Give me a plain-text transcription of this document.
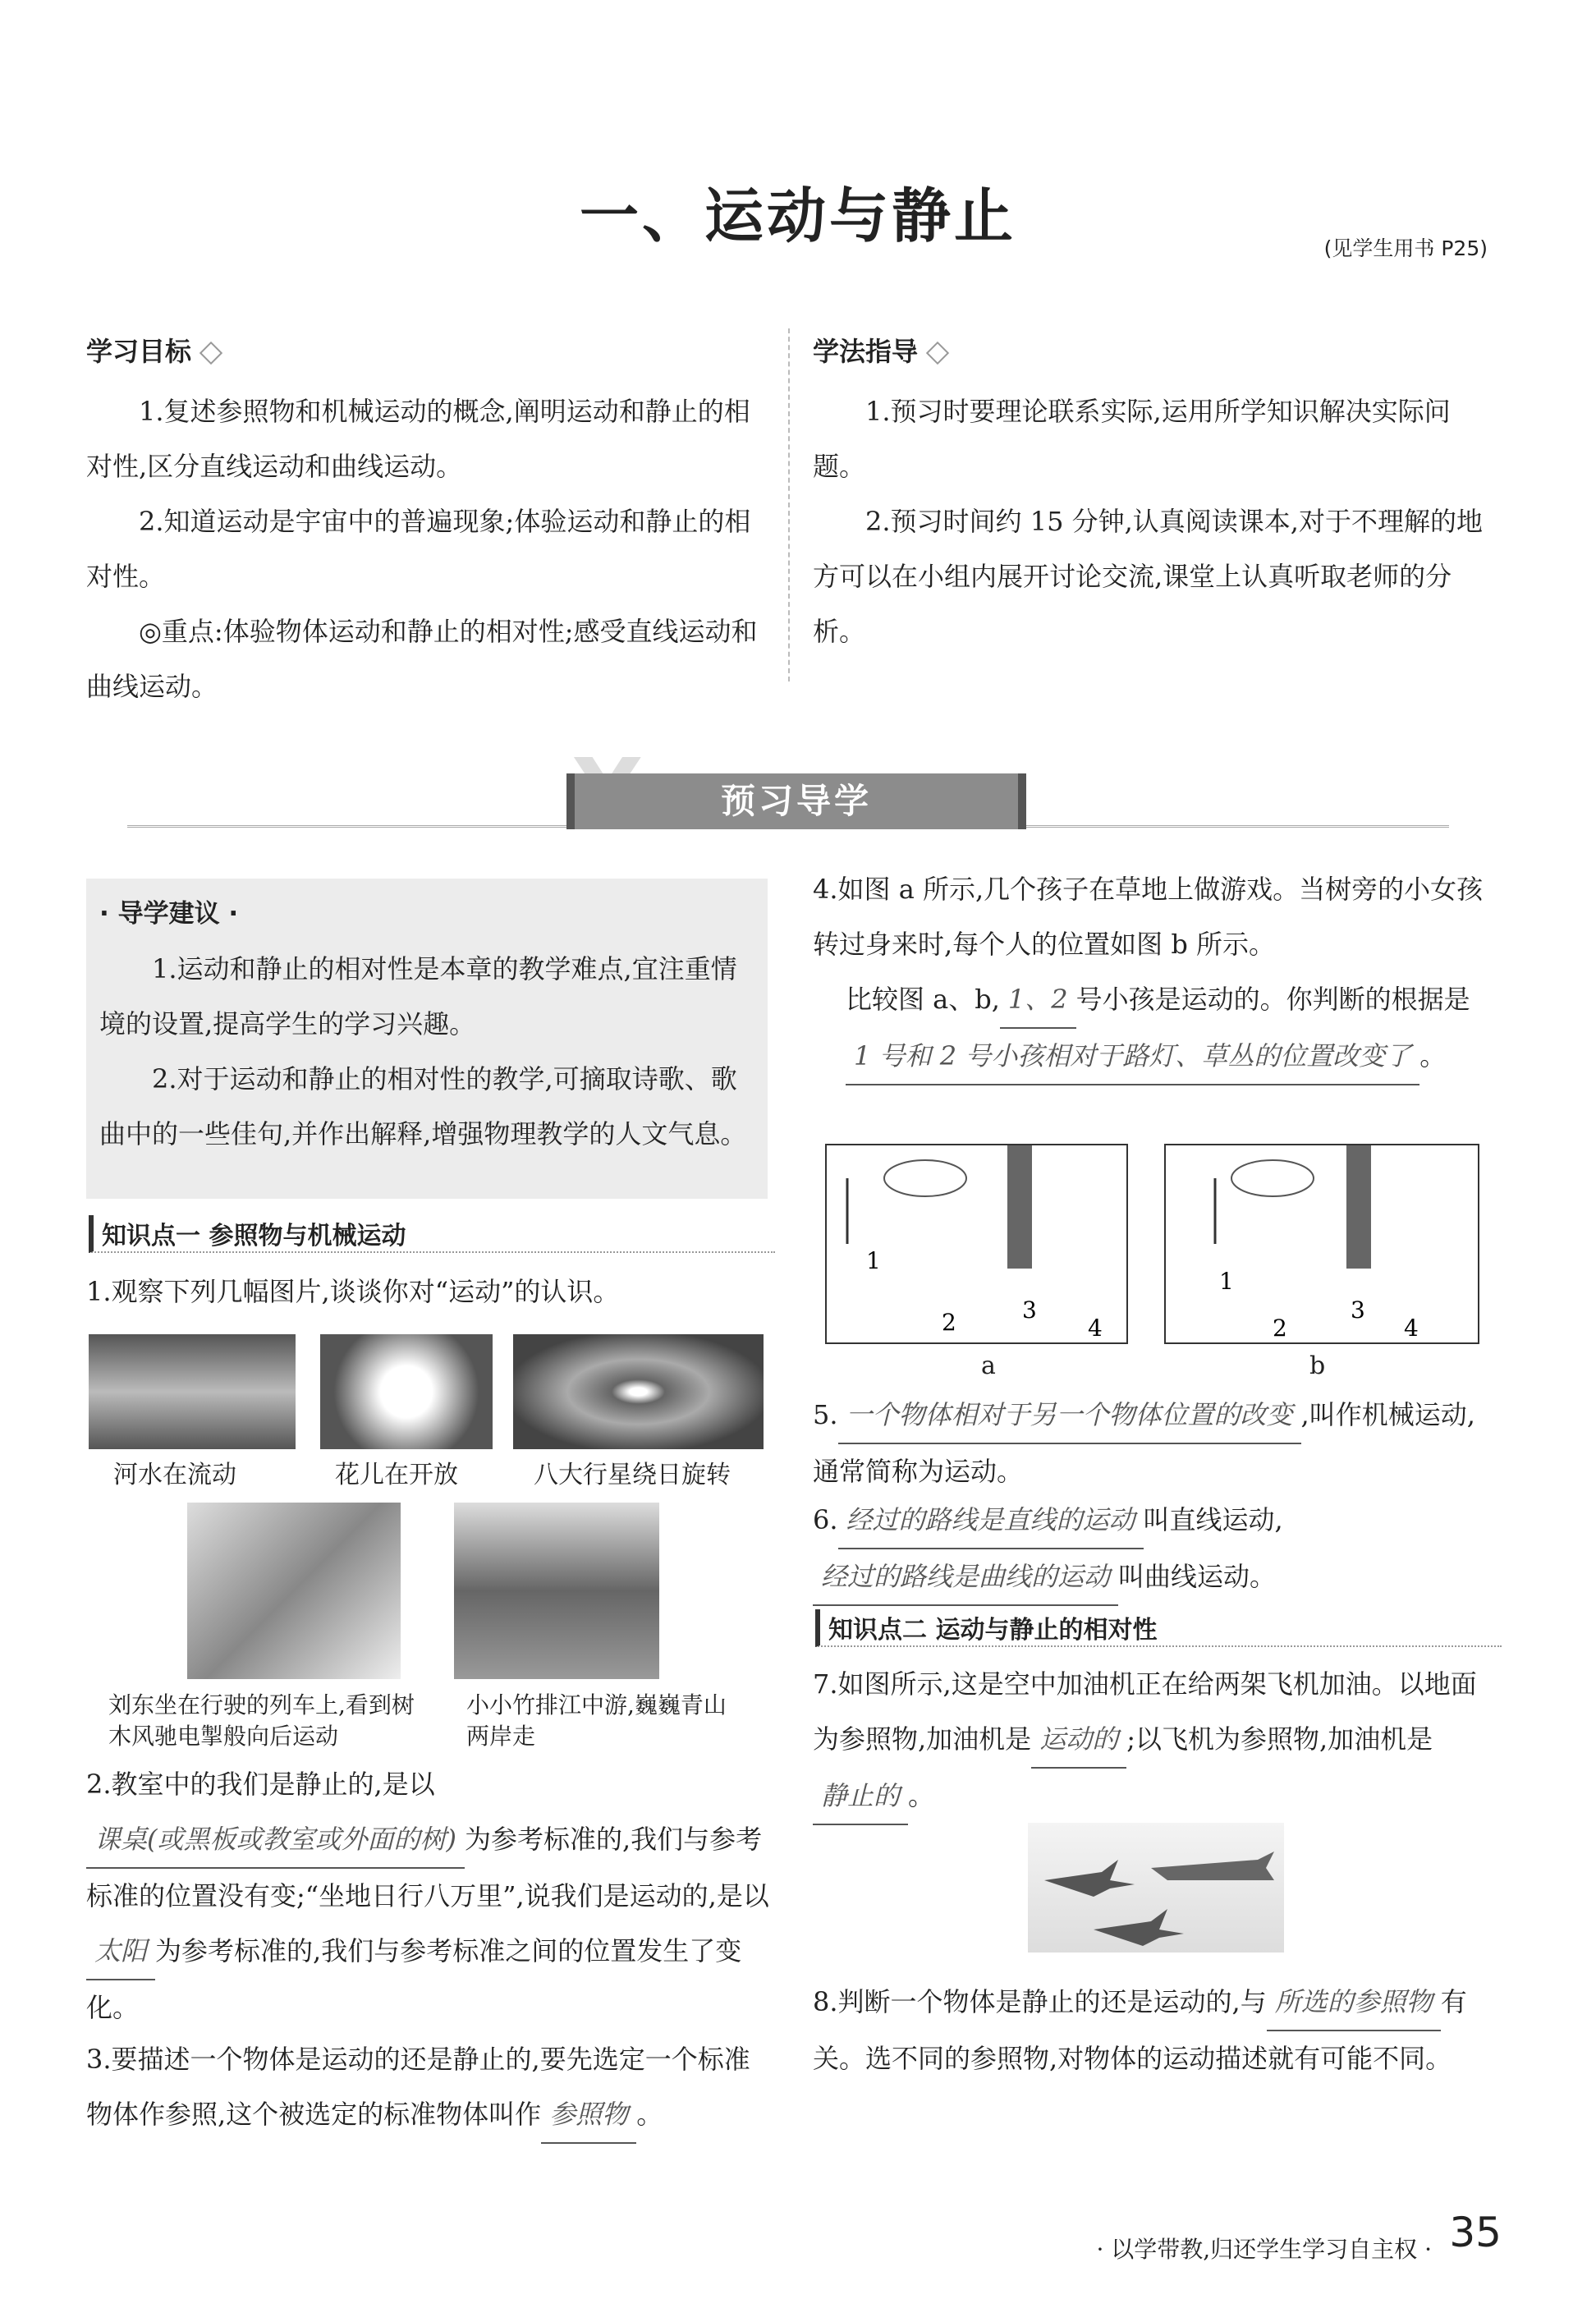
一、运动与静止	(见学生用书 P25)
学习目标

1.复述参照物和机械运动的概念,阐明运动和静止的相对性,区分直线运动和曲线运动。

2.知道运动是宇宙中的普遍现象;体验运动和静止的相对性。

◎重点:体验物体运动和静止的相对性;感受直线运动和曲线运动。

学法指导

1.预习时要理论联系实际,运用所学知识解决实际问题。

2.预习时间约 15 分钟,认真阅读课本,对于不理解的地方可以在小组内展开讨论交流,课堂上认真听取老师的分析。

预习导学
· 导学建议 ·

1.运动和静止的相对性是本章的教学难点,宜注重情境的设置,提高学生的学习兴趣。

2.对于运动和静止的相对性的教学,可摘取诗歌、歌曲中的一些佳句,并作出解释,增强物理教学的人文气息。

知识点一 参照物与机械运动

1.观察下列几幅图片,谈谈你对“运动”的认识。

河水在流动	花儿在开放	八大行星绕日旋转
刘东坐在行驶的列车上,看到树木风驰电掣般向后运动
小小竹排江中游,巍巍青山两岸走

2.教室中的我们是静止的,是以课桌(或黑板或教室或外面的树) 为参考标准的,我们与参考标准的位置没有变;“坐地日行八万里”,说我们是运动的,是以太阳 为参考标准的,我们与参考标准之间的位置发生了变化。

3.要描述一个物体是运动的还是静止的,要先选定一个标准物体作参照,这个被选定的标准物体叫作 参照物 。

4.如图 a 所示,几个孩子在草地上做游戏。当树旁的小女孩转过身来时,每个人的位置如图 b 所示。

比较图 a、b, 1、2 号小孩是运动的。你判断的根据是1 号和 2 号小孩相对于路灯、草丛的位置改变了 。

1
2	3
4
1
2
3
4
a	b

5. 一个物体相对于另一个物体位置的改变 ,叫作机械运动,通常简称为运动。

6. 经过的路线是直线的运动 叫直线运动,经过的路线是曲线的运动 叫曲线运动。

知识点二 运动与静止的相对性

7.如图所示,这是空中加油机正在给两架飞机加油。以地面为参照物,加油机是 运动的 ;以飞机为参照物,加油机是静止的 。

8.判断一个物体是静止的还是运动的,与 所选的参照物 有关。选不同的参照物,对物体的运动描述就有可能不同。

· 以学带教,归还学生学习自主权 · 35
